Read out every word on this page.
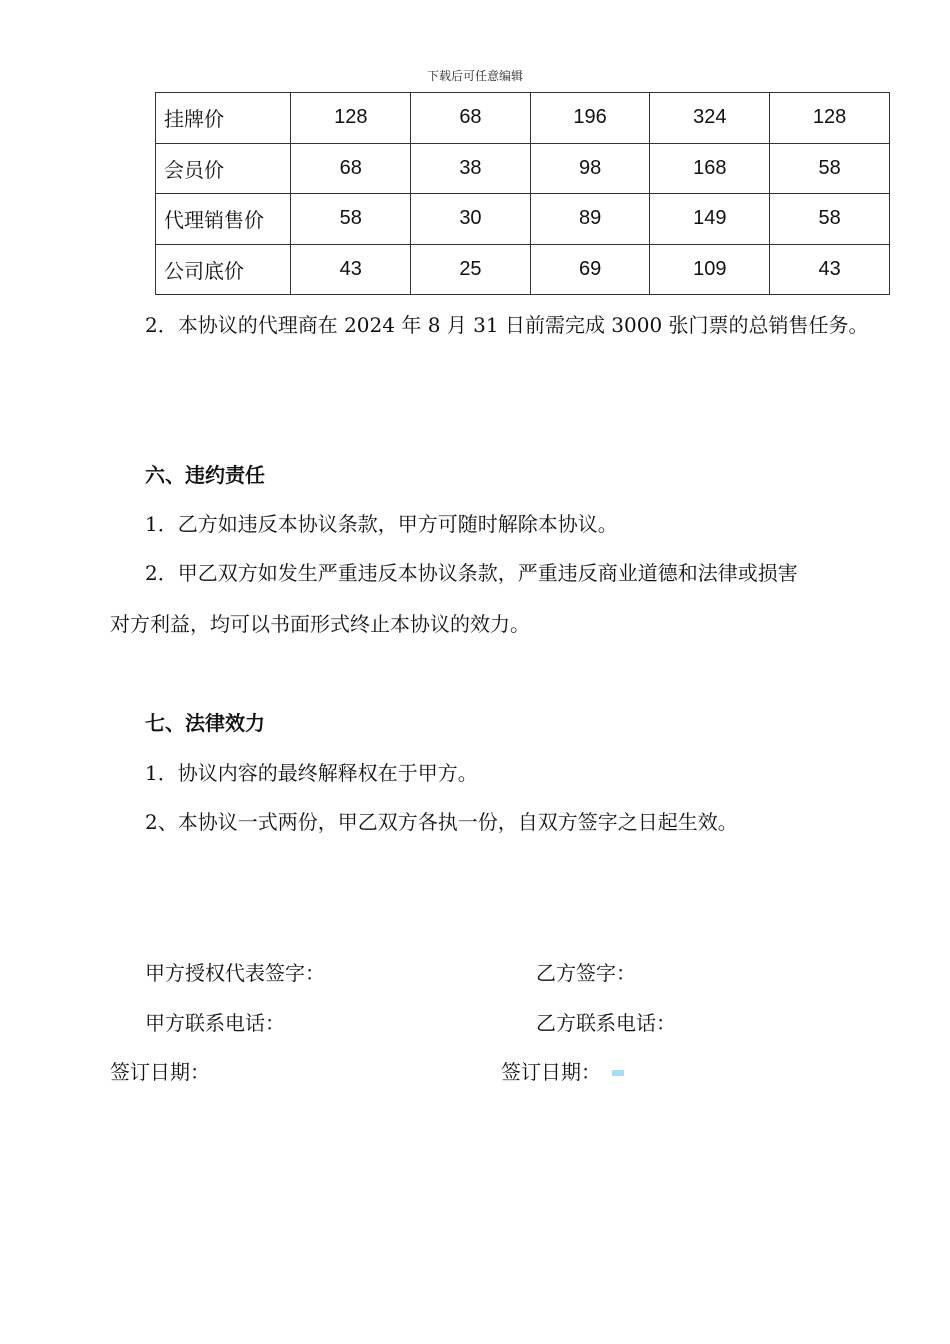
下载后可任意编辑
挂牌价	128	68	196	324	128
会员价	68	38	98	168	58
代理销售价	58	30	89	149	58
公司底价	43	25	69	109	43
2．本协议的代理商在 2024 年 8 月 31 日前需完成 3000 张门票的总销售任务。
六、违约责任
1．乙方如违反本协议条款，甲方可随时解除本协议。
2．甲乙双方如发生严重违反本协议条款，严重违反商业道德和法律或损害
对方利益，均可以书面形式终止本协议的效力。
七、法律效力
1．协议内容的最终解释权在于甲方。
2、本协议一式两份，甲乙双方各执一份，自双方签字之日起生效。
甲方授权代表签字：	乙方签字：
甲方联系电话：	乙方联系电话：
签订日期：	签订日期：
